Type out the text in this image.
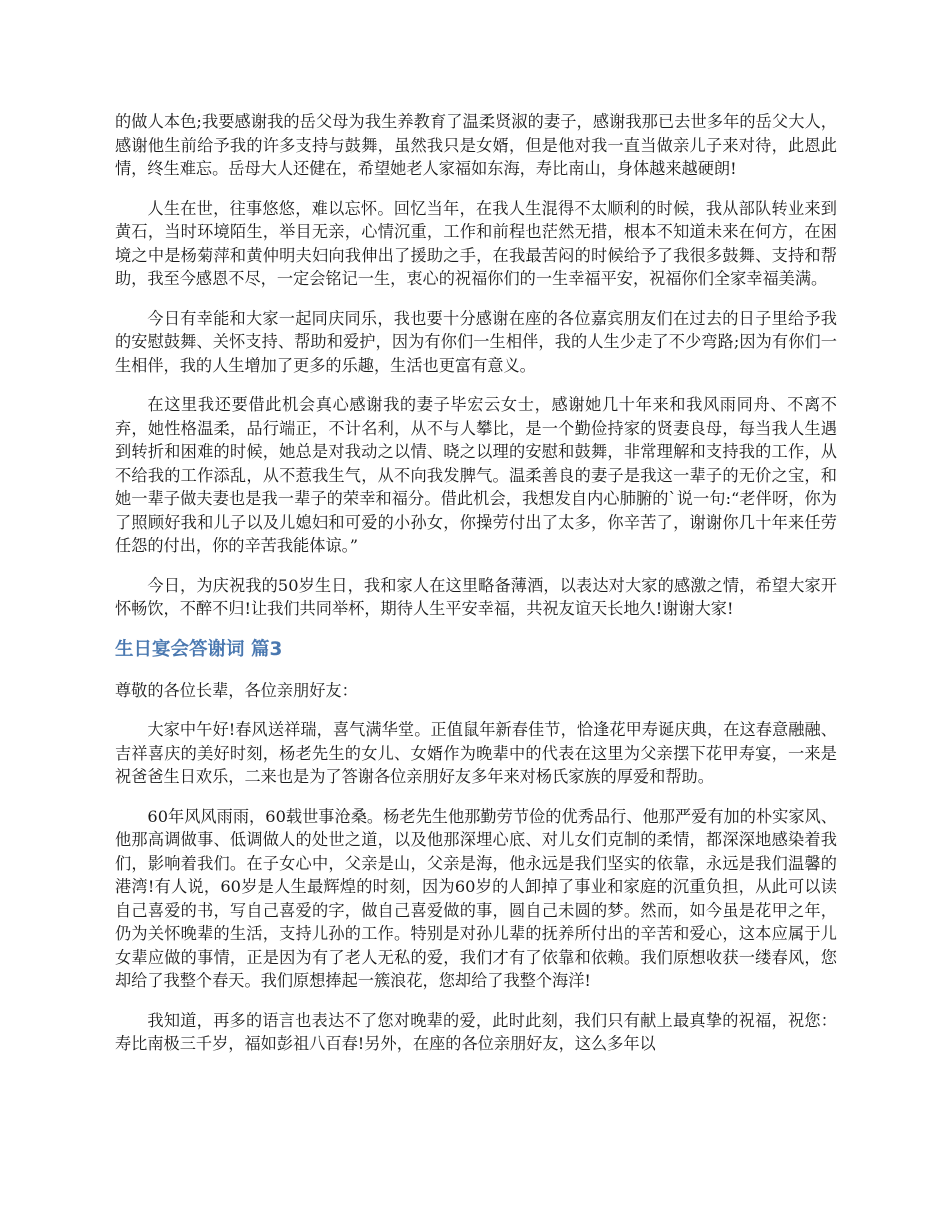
的做人本色;我要感谢我的岳父母为我生养教育了温柔贤淑的妻子，感谢我那已去世多年的岳父大人，感谢他生前给予我的许多支持与鼓舞，虽然我只是女婿，但是他对我一直当做亲儿子来对待，此恩此情，终生难忘。岳母大人还健在，希望她老人家福如东海，寿比南山，身体越来越硬朗!

人生在世，往事悠悠，难以忘怀。回忆当年，在我人生混得不太顺利的时候，我从部队转业来到黄石，当时环境陌生，举目无亲，心情沉重，工作和前程也茫然无措，根本不知道未来在何方，在困境之中是杨菊萍和黄仲明夫妇向我伸出了援助之手，在我最苦闷的时候给予了我很多鼓舞、支持和帮助，我至今感恩不尽，一定会铭记一生，衷心的祝福你们的一生幸福平安，祝福你们全家幸福美满。

今日有幸能和大家一起同庆同乐，我也要十分感谢在座的各位嘉宾朋友们在过去的日子里给予我的安慰鼓舞、关怀支持、帮助和爱护，因为有你们一生相伴，我的人生少走了不少弯路;因为有你们一生相伴，我的人生增加了更多的乐趣，生活也更富有意义。

在这里我还要借此机会真心感谢我的妻子毕宏云女士，感谢她几十年来和我风雨同舟、不离不弃，她性格温柔，品行端正，不计名利，从不与人攀比，是一个勤俭持家的贤妻良母，每当我人生遇到转折和困难的时候，她总是对我动之以情、晓之以理的安慰和鼓舞，非常理解和支持我的工作，从不给我的工作添乱，从不惹我生气，从不向我发脾气。温柔善良的妻子是我这一辈子的无价之宝，和她一辈子做夫妻也是我一辈子的荣幸和福分。借此机会，我想发自内心肺腑的`说一句:“老伴呀，你为了照顾好我和儿子以及儿媳妇和可爱的小孙女，你操劳付出了太多，你辛苦了，谢谢你几十年来任劳任怨的付出，你的辛苦我能体谅。”

今日，为庆祝我的50岁生日，我和家人在这里略备薄酒，以表达对大家的感激之情，希望大家开怀畅饮，不醉不归!让我们共同举杯，期待人生平安幸福，共祝友谊天长地久!谢谢大家!

生日宴会答谢词 篇3

尊敬的各位长辈，各位亲朋好友：

大家中午好!春风送祥瑞，喜气满华堂。正值鼠年新春佳节，恰逢花甲寿诞庆典，在这春意融融、吉祥喜庆的美好时刻，杨老先生的女儿、女婿作为晚辈中的代表在这里为父亲摆下花甲寿宴，一来是祝爸爸生日欢乐，二来也是为了答谢各位亲朋好友多年来对杨氏家族的厚爱和帮助。

60年风风雨雨，60载世事沧桑。杨老先生他那勤劳节俭的优秀品行、他那严爱有加的朴实家风、他那高调做事、低调做人的处世之道，以及他那深埋心底、对儿女们克制的柔情，都深深地感染着我们，影响着我们。在子女心中，父亲是山，父亲是海，他永远是我们坚实的依靠，永远是我们温馨的港湾!有人说，60岁是人生最辉煌的时刻，因为60岁的人卸掉了事业和家庭的沉重负担，从此可以读自己喜爱的书，写自己喜爱的字，做自己喜爱做的事，圆自己未圆的梦。然而，如今虽是花甲之年，仍为关怀晚辈的生活，支持儿孙的工作。特别是对孙儿辈的抚养所付出的辛苦和爱心，这本应属于儿女辈应做的事情，正是因为有了老人无私的爱，我们才有了依靠和依赖。我们原想收获一缕春风，您却给了我整个春天。我们原想捧起一簇浪花，您却给了我整个海洋!

我知道，再多的语言也表达不了您对晚辈的爱，此时此刻，我们只有献上最真挚的祝福，祝您：寿比南极三千岁，福如彭祖八百春!另外，在座的各位亲朋好友，这么多年以
